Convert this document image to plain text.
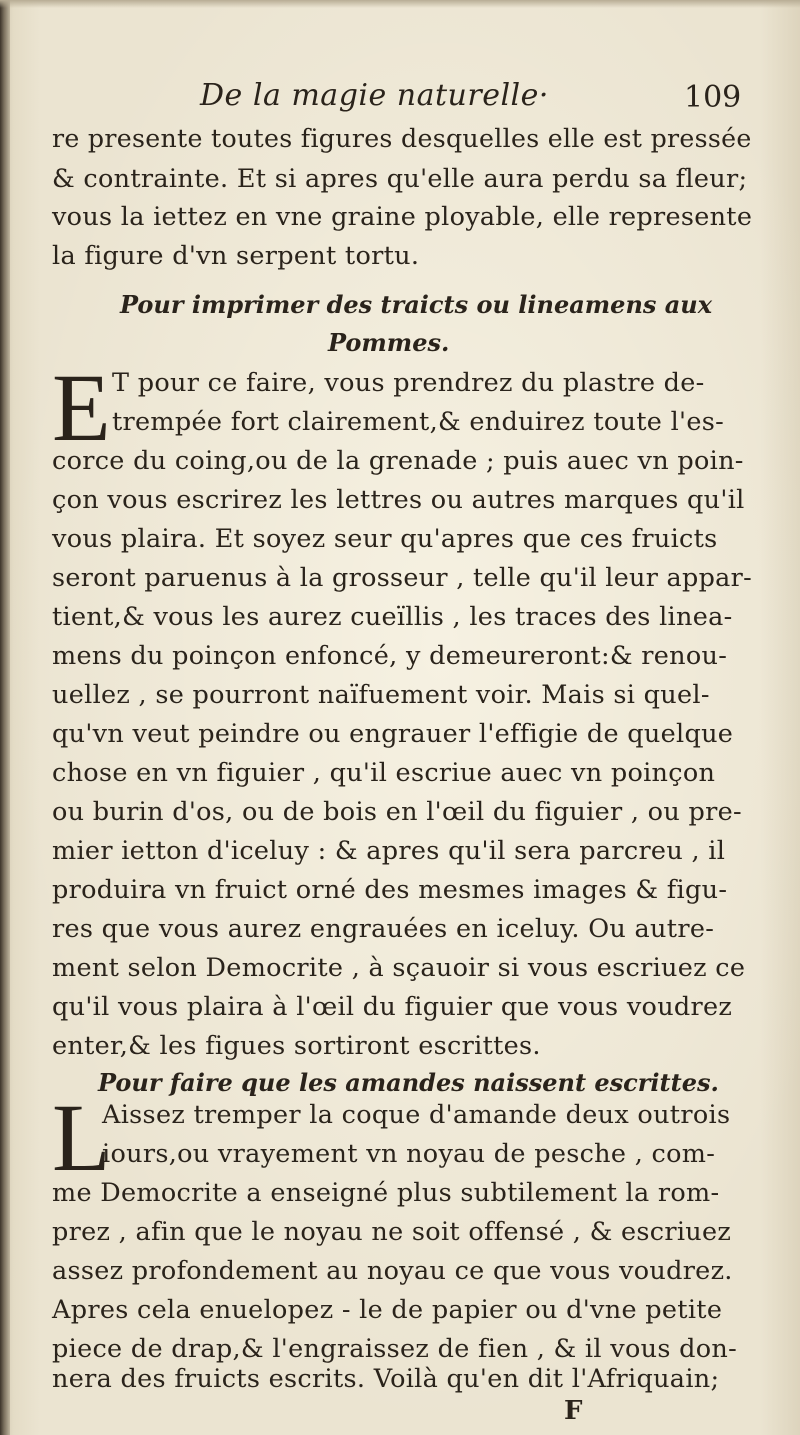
De la magie naturelle·	109
re presente toutes figures desquelles elle est pressée
& contrainte. Et si apres qu'elle aura perdu sa fleur;
vous la iettez en vne graine ployable, elle represente
la figure d'vn serpent tortu.
Pour imprimer des traicts ou lineamens aux
Pommes.
E T pour ce faire, vous prendrez du plastre de-
trempée fort clairement,& enduirez toute l'es-
corce du coing,ou de la grenade ; puis auec vn poin-
çon vous escrirez les lettres ou autres marques qu'il
vous plaira. Et soyez seur qu'apres que ces fruicts
seront paruenus à la grosseur , telle qu'il leur appar-
tient,& vous les aurez cueïllis , les traces des linea-
mens du poinçon enfoncé, y demeureront:& renou-
uellez , se pourront naïfuement voir. Mais si quel-
qu'vn veut peindre ou engrauer l'effigie de quelque
chose en vn figuier , qu'il escriue auec vn poinçon
ou burin d'os, ou de bois en l'œil du figuier , ou pre-
mier ietton d'iceluy : & apres qu'il sera parcreu , il
produira vn fruict orné des mesmes images & figu-
res que vous aurez engrauées en iceluy. Ou autre-
ment selon Democrite , à sçauoir si vous escriuez ce
qu'il vous plaira à l'œil du figuier que vous voudrez
enter,& les figues sortiront escrittes.
Pour faire que les amandes naissent escrittes.
L
Aissez tremper la coque d'amande deux outrois
iours,ou vrayement vn noyau de pesche , com-
me Democrite a enseigné plus subtilement la rom-
prez , afin que le noyau ne soit offensé , & escriuez
assez profondement au noyau ce que vous voudrez.
Apres cela enuelopez - le de papier ou d'vne petite
piece de drap,& l'engraissez de fien , & il vous don-
nera des fruicts escrits. Voilà qu'en dit l'Afriquain;
F
